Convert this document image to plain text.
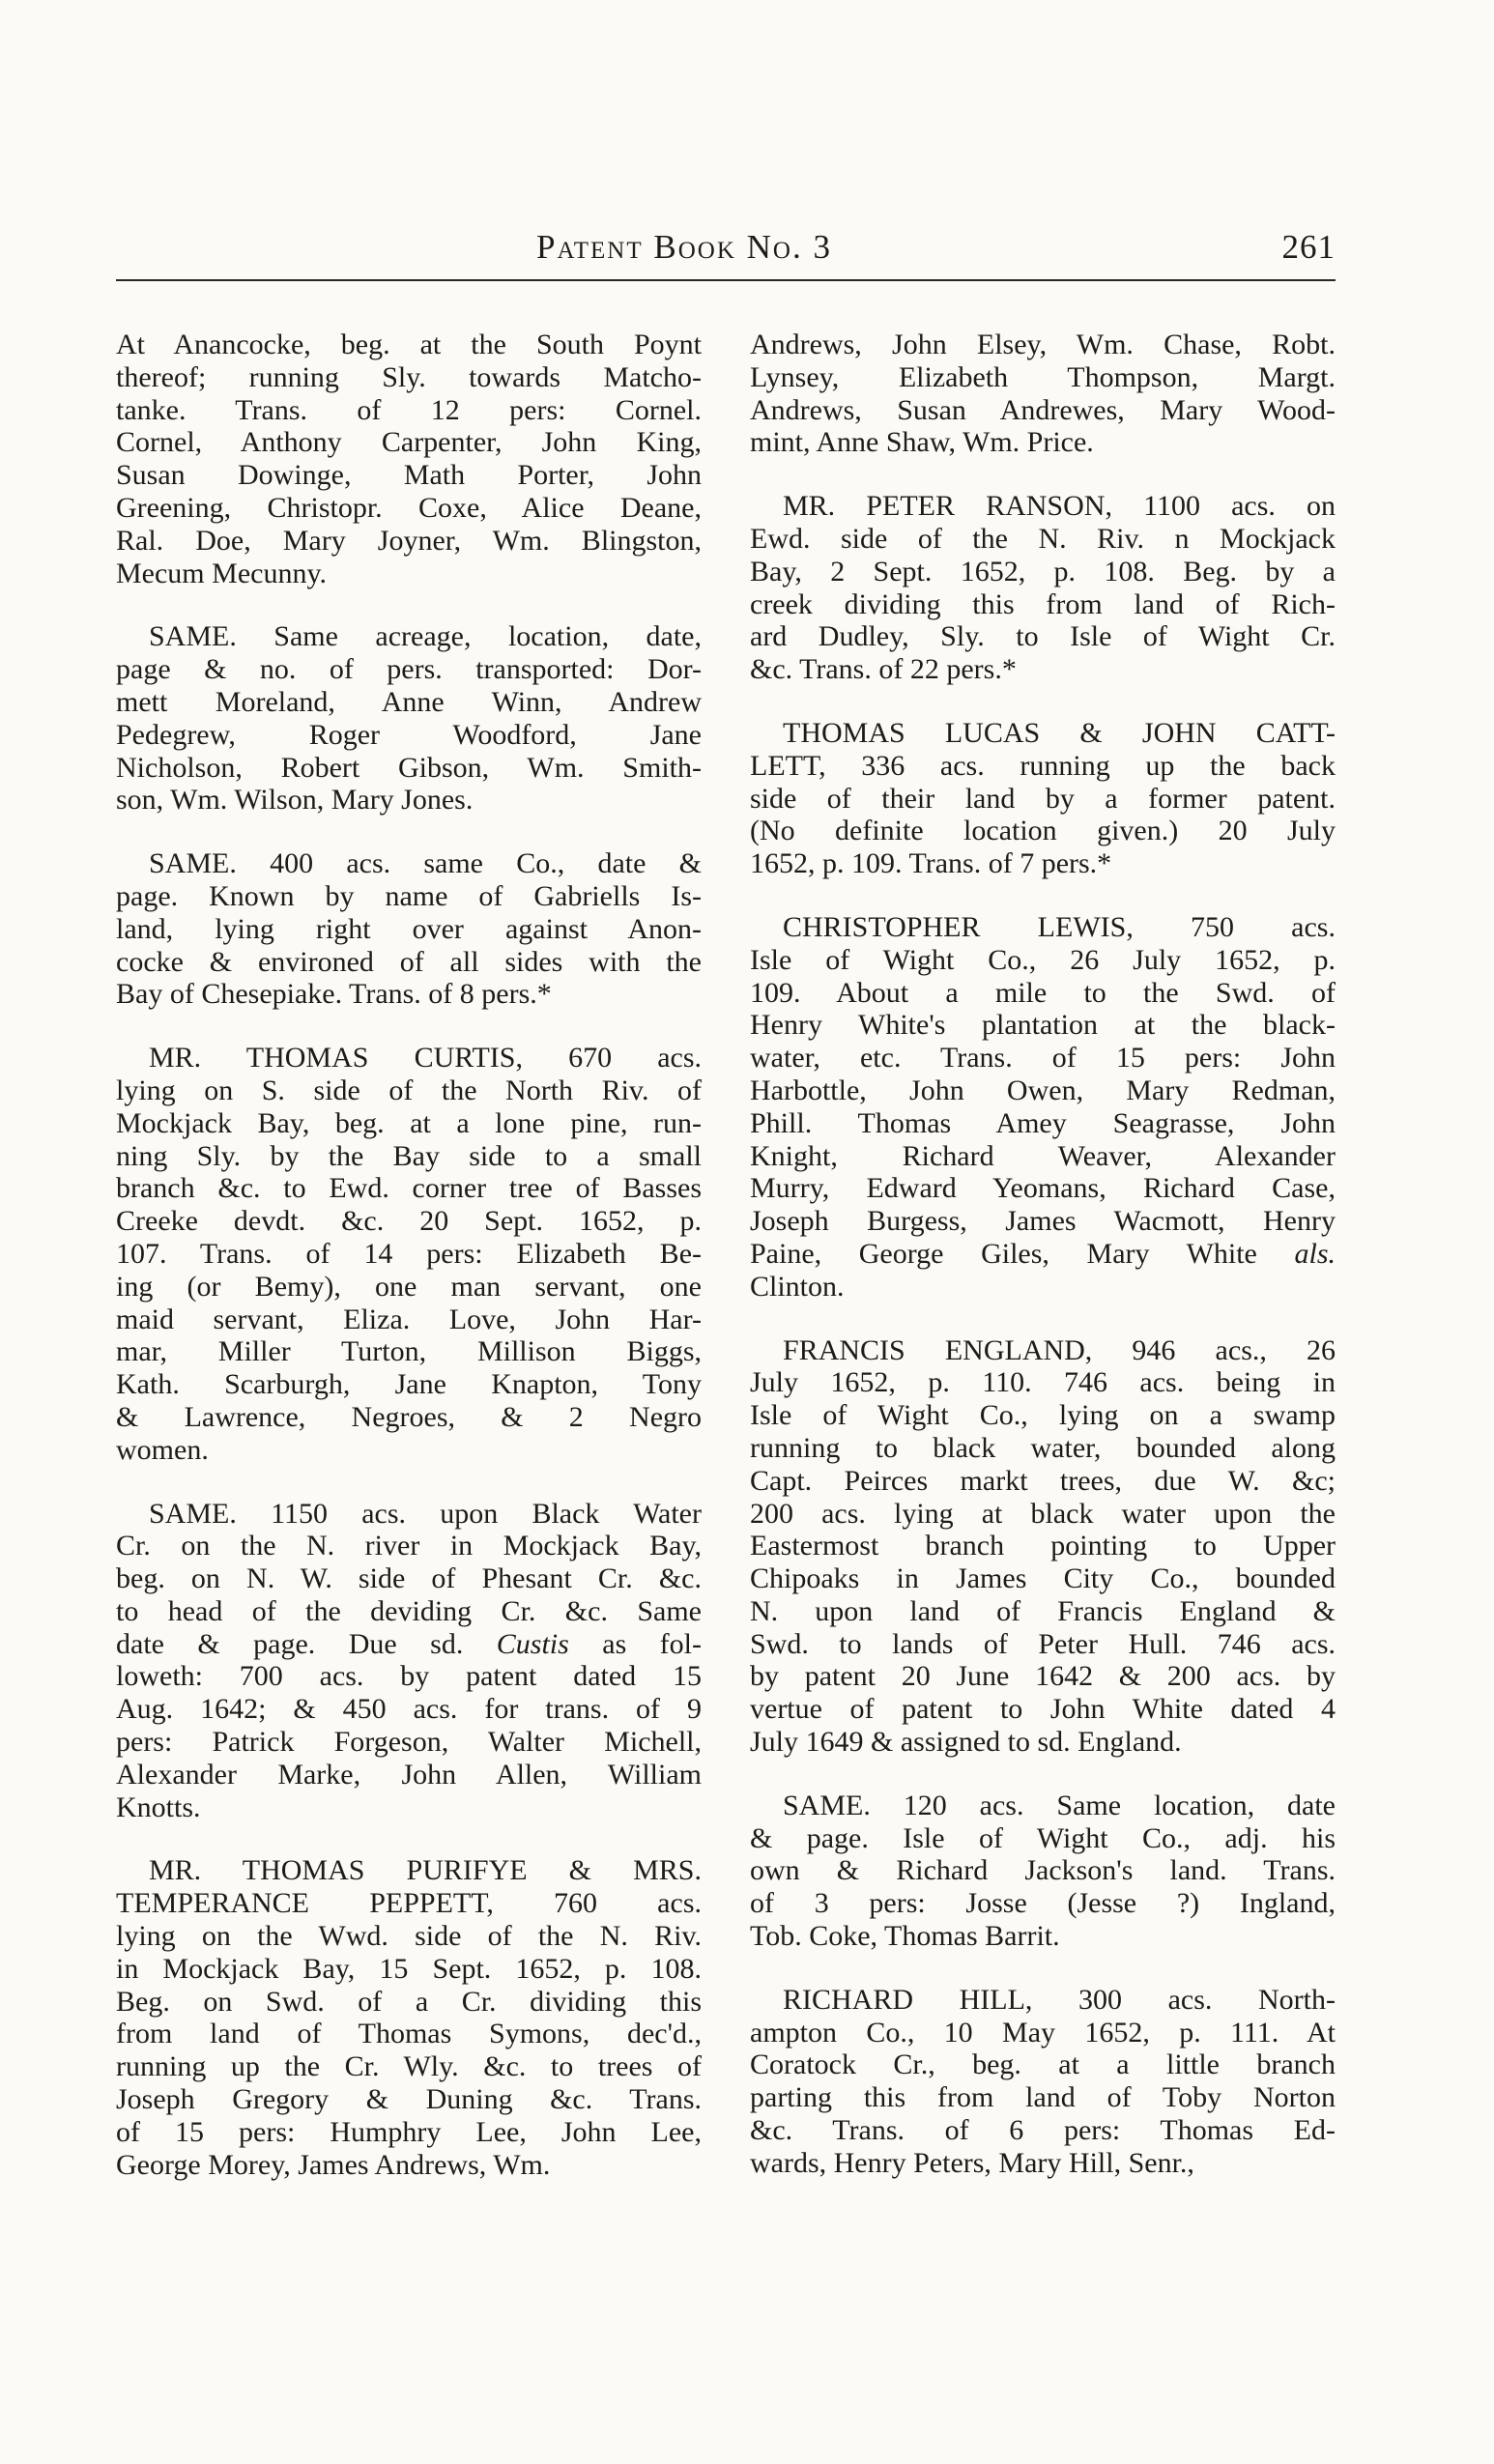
Patent Book No. 3	261
At Anancocke, beg. at the South Poynt
thereof; running Sly. towards Matcho-
tanke. Trans. of 12 pers: Cornel.
Cornel, Anthony Carpenter, John King,
Susan Dowinge, Math Porter, John
Greening, Christopr. Coxe, Alice Deane,
Ral. Doe, Mary Joyner, Wm. Blingston,
Mecum Mecunny.
SAME. Same acreage, location, date,
page & no. of pers. transported: Dor-
mett Moreland, Anne Winn, Andrew
Pedegrew, Roger Woodford, Jane
Nicholson, Robert Gibson, Wm. Smith-
son, Wm. Wilson, Mary Jones.
SAME. 400 acs. same Co., date &
page. Known by name of Gabriells Is-
land, lying right over against Anon-
cocke & environed of all sides with the
Bay of Chesepiake. Trans. of 8 pers.*
MR. THOMAS CURTIS, 670 acs.
lying on S. side of the North Riv. of
Mockjack Bay, beg. at a lone pine, run-
ning Sly. by the Bay side to a small
branch &c. to Ewd. corner tree of Basses
Creeke devdt. &c. 20 Sept. 1652, p.
107. Trans. of 14 pers: Elizabeth Be-
ing (or Bemy), one man servant, one
maid servant, Eliza. Love, John Har-
mar, Miller Turton, Millison Biggs,
Kath. Scarburgh, Jane Knapton, Tony
& Lawrence, Negroes, & 2 Negro
women.
SAME. 1150 acs. upon Black Water
Cr. on the N. river in Mockjack Bay,
beg. on N. W. side of Phesant Cr. &c.
to head of the deviding Cr. &c. Same
date & page. Due sd. Custis as fol-
loweth: 700 acs. by patent dated 15
Aug. 1642; & 450 acs. for trans. of 9
pers: Patrick Forgeson, Walter Michell,
Alexander Marke, John Allen, William
Knotts.
MR. THOMAS PURIFYE & MRS.
TEMPERANCE PEPPETT, 760 acs.
lying on the Wwd. side of the N. Riv.
in Mockjack Bay, 15 Sept. 1652, p. 108.
Beg. on Swd. of a Cr. dividing this
from land of Thomas Symons, dec'd.,
running up the Cr. Wly. &c. to trees of
Joseph Gregory & Duning &c. Trans.
of 15 pers: Humphry Lee, John Lee,
George Morey, James Andrews, Wm.
Andrews, John Elsey, Wm. Chase, Robt.
Lynsey, Elizabeth Thompson, Margt.
Andrews, Susan Andrewes, Mary Wood-
mint, Anne Shaw, Wm. Price.
MR. PETER RANSON, 1100 acs. on
Ewd. side of the N. Riv. n Mockjack
Bay, 2 Sept. 1652, p. 108. Beg. by a
creek dividing this from land of Rich-
ard Dudley, Sly. to Isle of Wight Cr.
&c. Trans. of 22 pers.*
THOMAS LUCAS & JOHN CATT-
LETT, 336 acs. running up the back
side of their land by a former patent.
(No definite location given.) 20 July
1652, p. 109. Trans. of 7 pers.*
CHRISTOPHER LEWIS, 750 acs.
Isle of Wight Co., 26 July 1652, p.
109. About a mile to the Swd. of
Henry White's plantation at the black-
water, etc. Trans. of 15 pers: John
Harbottle, John Owen, Mary Redman,
Phill. Thomas Amey Seagrasse, John
Knight, Richard Weaver, Alexander
Murry, Edward Yeomans, Richard Case,
Joseph Burgess, James Wacmott, Henry
Paine, George Giles, Mary White als.
Clinton.
FRANCIS ENGLAND, 946 acs., 26
July 1652, p. 110. 746 acs. being in
Isle of Wight Co., lying on a swamp
running to black water, bounded along
Capt. Peirces markt trees, due W. &c;
200 acs. lying at black water upon the
Eastermost branch pointing to Upper
Chipoaks in James City Co., bounded
N. upon land of Francis England &
Swd. to lands of Peter Hull. 746 acs.
by patent 20 June 1642 & 200 acs. by
vertue of patent to John White dated 4
July 1649 & assigned to sd. England.
SAME. 120 acs. Same location, date
& page. Isle of Wight Co., adj. his
own & Richard Jackson's land. Trans.
of 3 pers: Josse (Jesse ?) Ingland,
Tob. Coke, Thomas Barrit.
RICHARD HILL, 300 acs. North-
ampton Co., 10 May 1652, p. 111. At
Coratock Cr., beg. at a little branch
parting this from land of Toby Norton
&c. Trans. of 6 pers: Thomas Ed-
wards, Henry Peters, Mary Hill, Senr.,
